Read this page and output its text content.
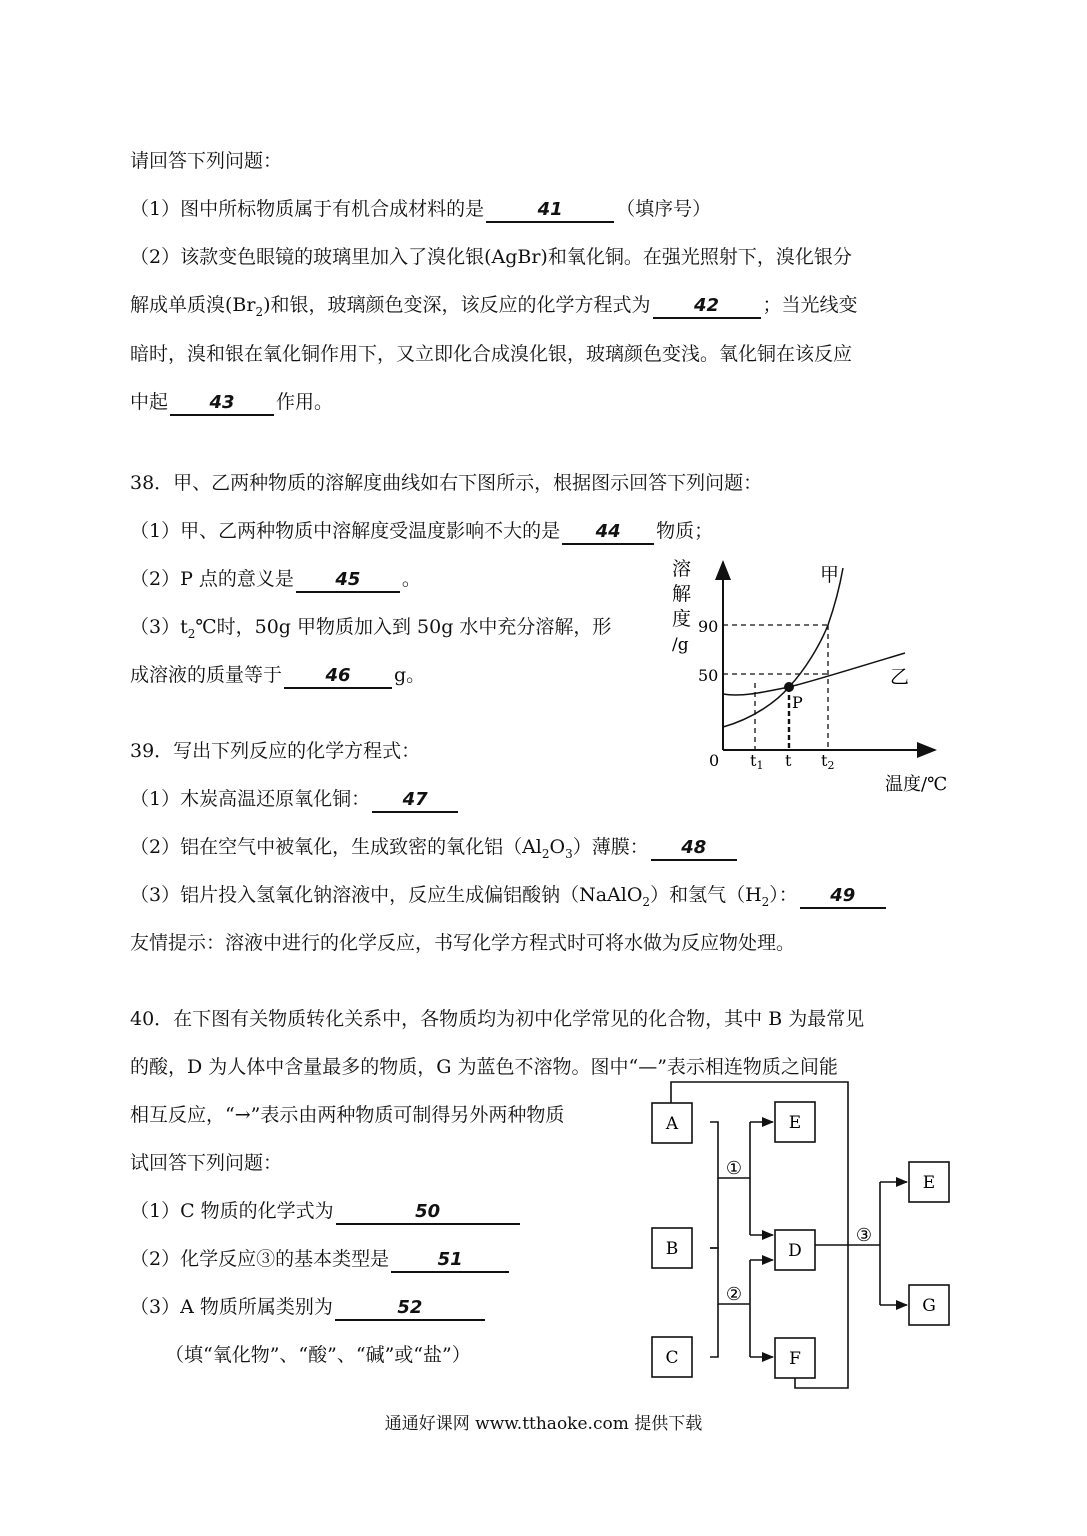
请回答下列问题：
（1）图中所标物质属于有机合成材料的是	41	（填序号）
（2）该款变色眼镜的玻璃里加入了溴化银(AgBr)和氧化铜。在强光照射下，溴化银分
解成单质溴$(Br_2)$和银，玻璃颜色变深，该反应的化学方程式为 42 ；当光线变
暗时，溴和银在氧化铜作用下，又立即化合成溴化银，玻璃颜色变浅。氧化铜在该反应
中起 43 作用。
38．甲、乙两种物质的溶解度曲线如右下图所示，根据图示回答下列问题：
（1）甲、乙两种物质中溶解度受温度影响不大的是 44 物质；
（2）P 点的意义是 45 。
$(3)t_2℃$时，50g 甲物质加入到 50g 水中充分溶解，形
成溶液的质量等于 46 g。
溶
解
度
/g
90
50
0 t1 t t2
温度/℃
P
甲
乙
39．写出下列反应的化学方程式：
（1）木炭高温还原氧化铜： 47
（2）铝在空气中被氧化，生成致密的氧化铝$(Al_2O_3)$薄膜： 48
（3）铝片投入氢氧化钠溶液中，反应生成偏铝酸钠（NaAlO$_2$）和氢气$(H_2)$： 49
友情提示：溶液中进行的化学反应，书写化学方程式时可将水做为反应物处理。
40．在下图有关物质转化关系中，各物质均为初中化学常见的化合物，其中 B 为最常见
的酸，D 为人体中含量最多的物质，G 为蓝色不溶物。图中“—”表示相连物质之间能
相互反应，“→”表示由两种物质可制得另外两种物质
试回答下列问题：
（1）C 物质的化学式为	50
（2）化学反应③的基本类型是	51
（3）A 物质所属类别为	52
（填“氧化物”、“酸”、“碱”或“盐”）
A
B
C
E
D
F
E
G
①
②
③
通通好课网 www.tthaoke.com 提供下载
